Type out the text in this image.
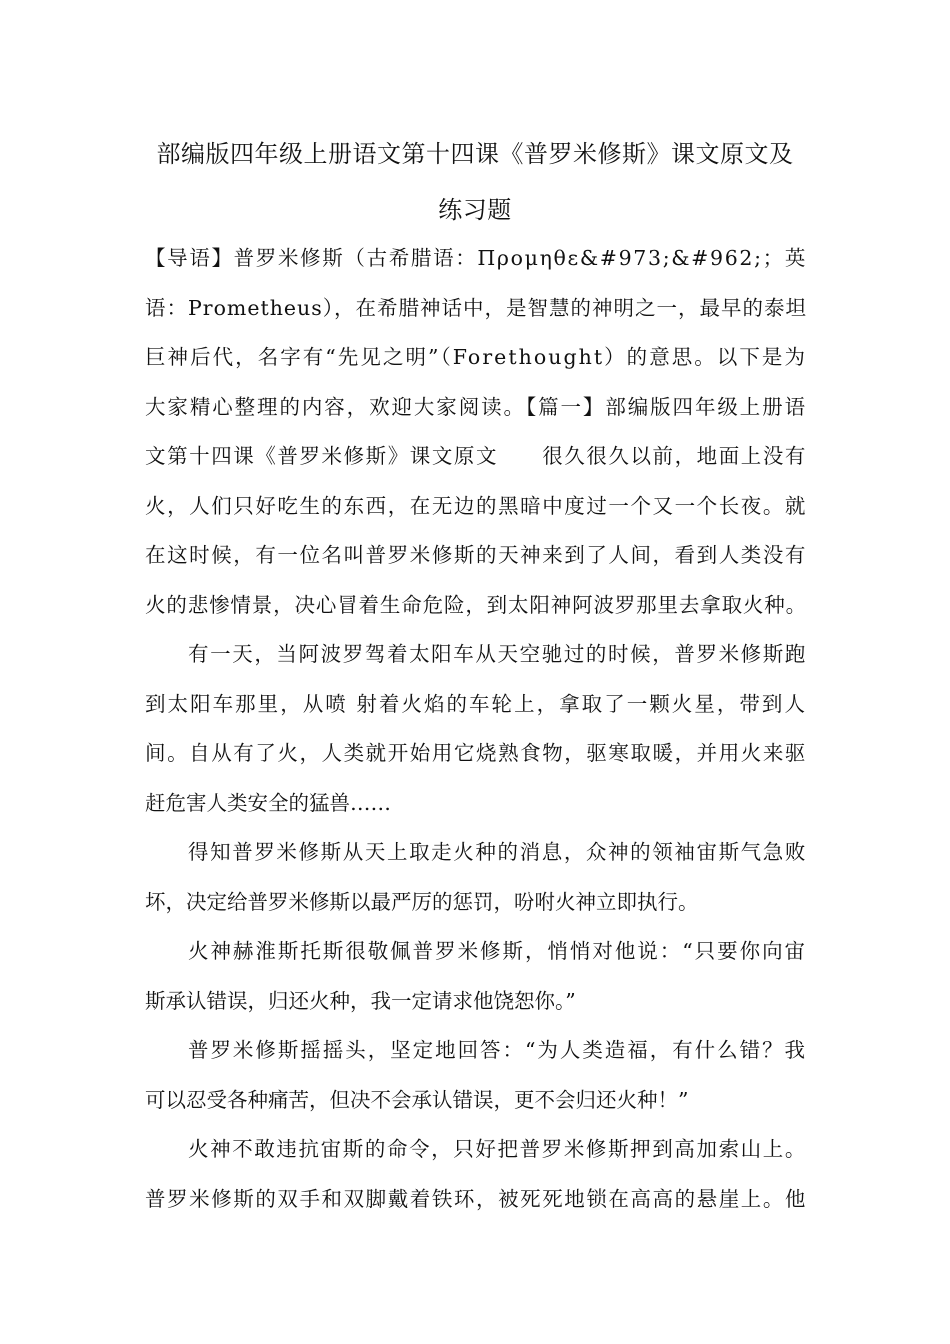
部编版四年级上册语文第十四课《普罗米修斯》课文原文及
练习题
【导语】普罗米修斯（古希腊语：Προμηθε&#973;&#962;；英
语：Prometheus），在希腊神话中，是智慧的神明之一，最早的泰坦
巨神后代，名字有“先见之明”（Forethought）的意思。以下是为
大家精心整理的内容，欢迎大家阅读。【篇一】部编版四年级上册语
文第十四课《普罗米修斯》课文原文　　很久很久以前，地面上没有
火，人们只好吃生的东西，在无边的黑暗中度过一个又一个长夜。就
在这时候，有一位名叫普罗米修斯的天神来到了人间，看到人类没有
火的悲惨情景，决心冒着生命危险，到太阳神阿波罗那里去拿取火种。
有一天，当阿波罗驾着太阳车从天空驰过的时候，普罗米修斯跑
到太阳车那里，从喷 射着火焰的车轮上，拿取了一颗火星，带到人
间。自从有了火，人类就开始用它烧熟食物，驱寒取暖，并用火来驱
赶危害人类安全的猛兽……
得知普罗米修斯从天上取走火种的消息，众神的领袖宙斯气急败
坏，决定给普罗米修斯以最严厉的惩罚，吩咐火神立即执行。
火神赫淮斯托斯很敬佩普罗米修斯，悄悄对他说：“只要你向宙
斯承认错误，归还火种，我一定请求他饶恕你。”
普罗米修斯摇摇头，坚定地回答：“为人类造福，有什么错？我
可以忍受各种痛苦，但决不会承认错误，更不会归还火种！”
火神不敢违抗宙斯的命令，只好把普罗米修斯押到高加索山上。
普罗米修斯的双手和双脚戴着铁环，被死死地锁在高高的悬崖上。他
